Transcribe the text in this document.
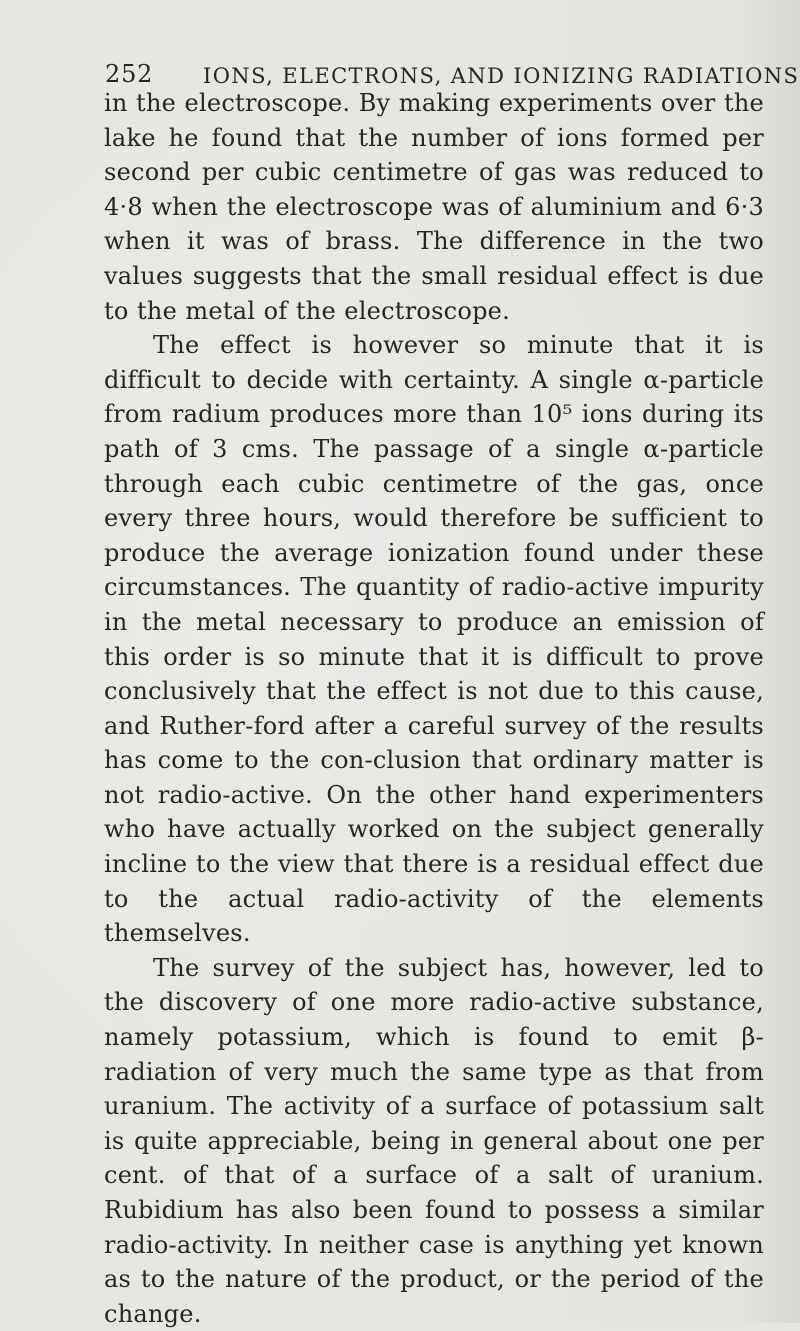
252 IONS, ELECTRONS, AND IONIZING RADIATIONS

in the electroscope. By making experiments over the lake he found that the number of ions formed per second per cubic centimetre of gas was reduced to 4·8 when the electroscope was of aluminium and 6·3 when it was of brass. The difference in the two values suggests that the small residual effect is due to the metal of the electroscope.

The effect is however so minute that it is difficult to decide with certainty. A single α-particle from radium produces more than 10⁵ ions during its path of 3 cms. The passage of a single α-particle through each cubic centimetre of the gas, once every three hours, would therefore be sufficient to produce the average ionization found under these circumstances. The quantity of radio-active impurity in the metal necessary to produce an emission of this order is so minute that it is difficult to prove conclusively that the effect is not due to this cause, and Ruther-ford after a careful survey of the results has come to the con-clusion that ordinary matter is not radio-active. On the other hand experimenters who have actually worked on the subject generally incline to the view that there is a residual effect due to the actual radio-activity of the elements themselves.

The survey of the subject has, however, led to the discovery of one more radio-active substance, namely potassium, which is found to emit β-radiation of very much the same type as that from uranium. The activity of a surface of potassium salt is quite appreciable, being in general about one per cent. of that of a surface of a salt of uranium. Rubidium has also been found to possess a similar radio-activity. In neither case is anything yet known as to the nature of the product, or the period of the change.
